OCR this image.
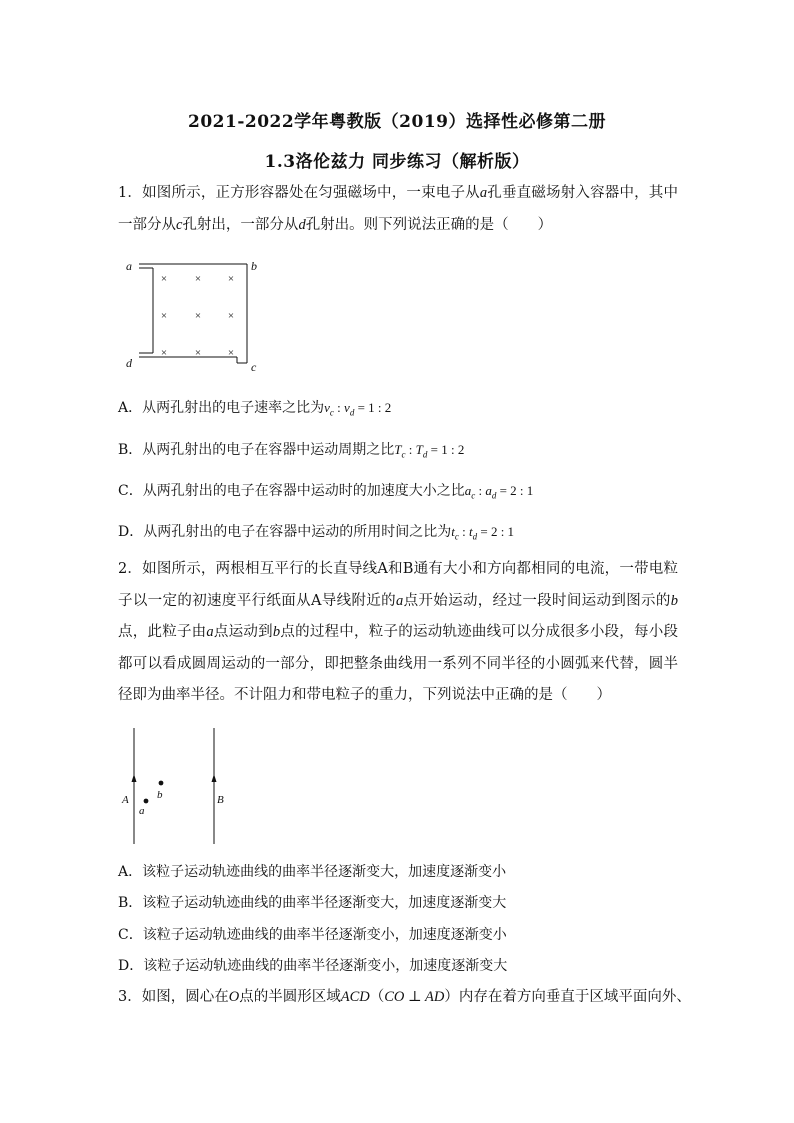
2021-2022学年粤教版（2019）选择性必修第二册
1.3洛伦兹力 同步练习（解析版）

1．如图所示，正方形容器处在匀强磁场中，一束电子从a孔垂直磁场射入容器中，其中一部分从c孔射出，一部分从d孔射出。则下列说法正确的是（　　）

×	× ×
×	× ×
×	× ×
a	b
c
d

A．从两孔射出的电子速率之比为$v_c$ : $v_d = 1$ : 2

B．从两孔射出的电子在容器中运动周期之比$T_c$ : $T_d = 1$ : 2

C．从两孔射出的电子在容器中运动时的加速度大小之比$a_c$ : $a_d = 2$ : 1

D．从两孔射出的电子在容器中运动的所用时间之比为$t_c$ : $t_d = 2$ : 1

2．如图所示，两根相互平行的长直导线A和B通有大小和方向都相同的电流，一带电粒子以一定的初速度平行纸面从A导线附近的a点开始运动，经过一段时间运动到图示的b点，此粒子由a点运动到b点的过程中，粒子的运动轨迹曲线可以分成很多小段，每小段都可以看成圆周运动的一部分，即把整条曲线用一系列不同半径的小圆弧来代替，圆半径即为曲率半径。不计阻力和带电粒子的重力，下列说法中正确的是（　　）

A	B
a
b

A．该粒子运动轨迹曲线的曲率半径逐渐变大，加速度逐渐变小

B．该粒子运动轨迹曲线的曲率半径逐渐变大，加速度逐渐变大

C．该粒子运动轨迹曲线的曲率半径逐渐变小，加速度逐渐变小

D．该粒子运动轨迹曲线的曲率半径逐渐变小，加速度逐渐变大

3．如图，圆心在O点的半圆形区域ACD（CO ⊥ AD）内存在着方向垂直于区域平面向外、
